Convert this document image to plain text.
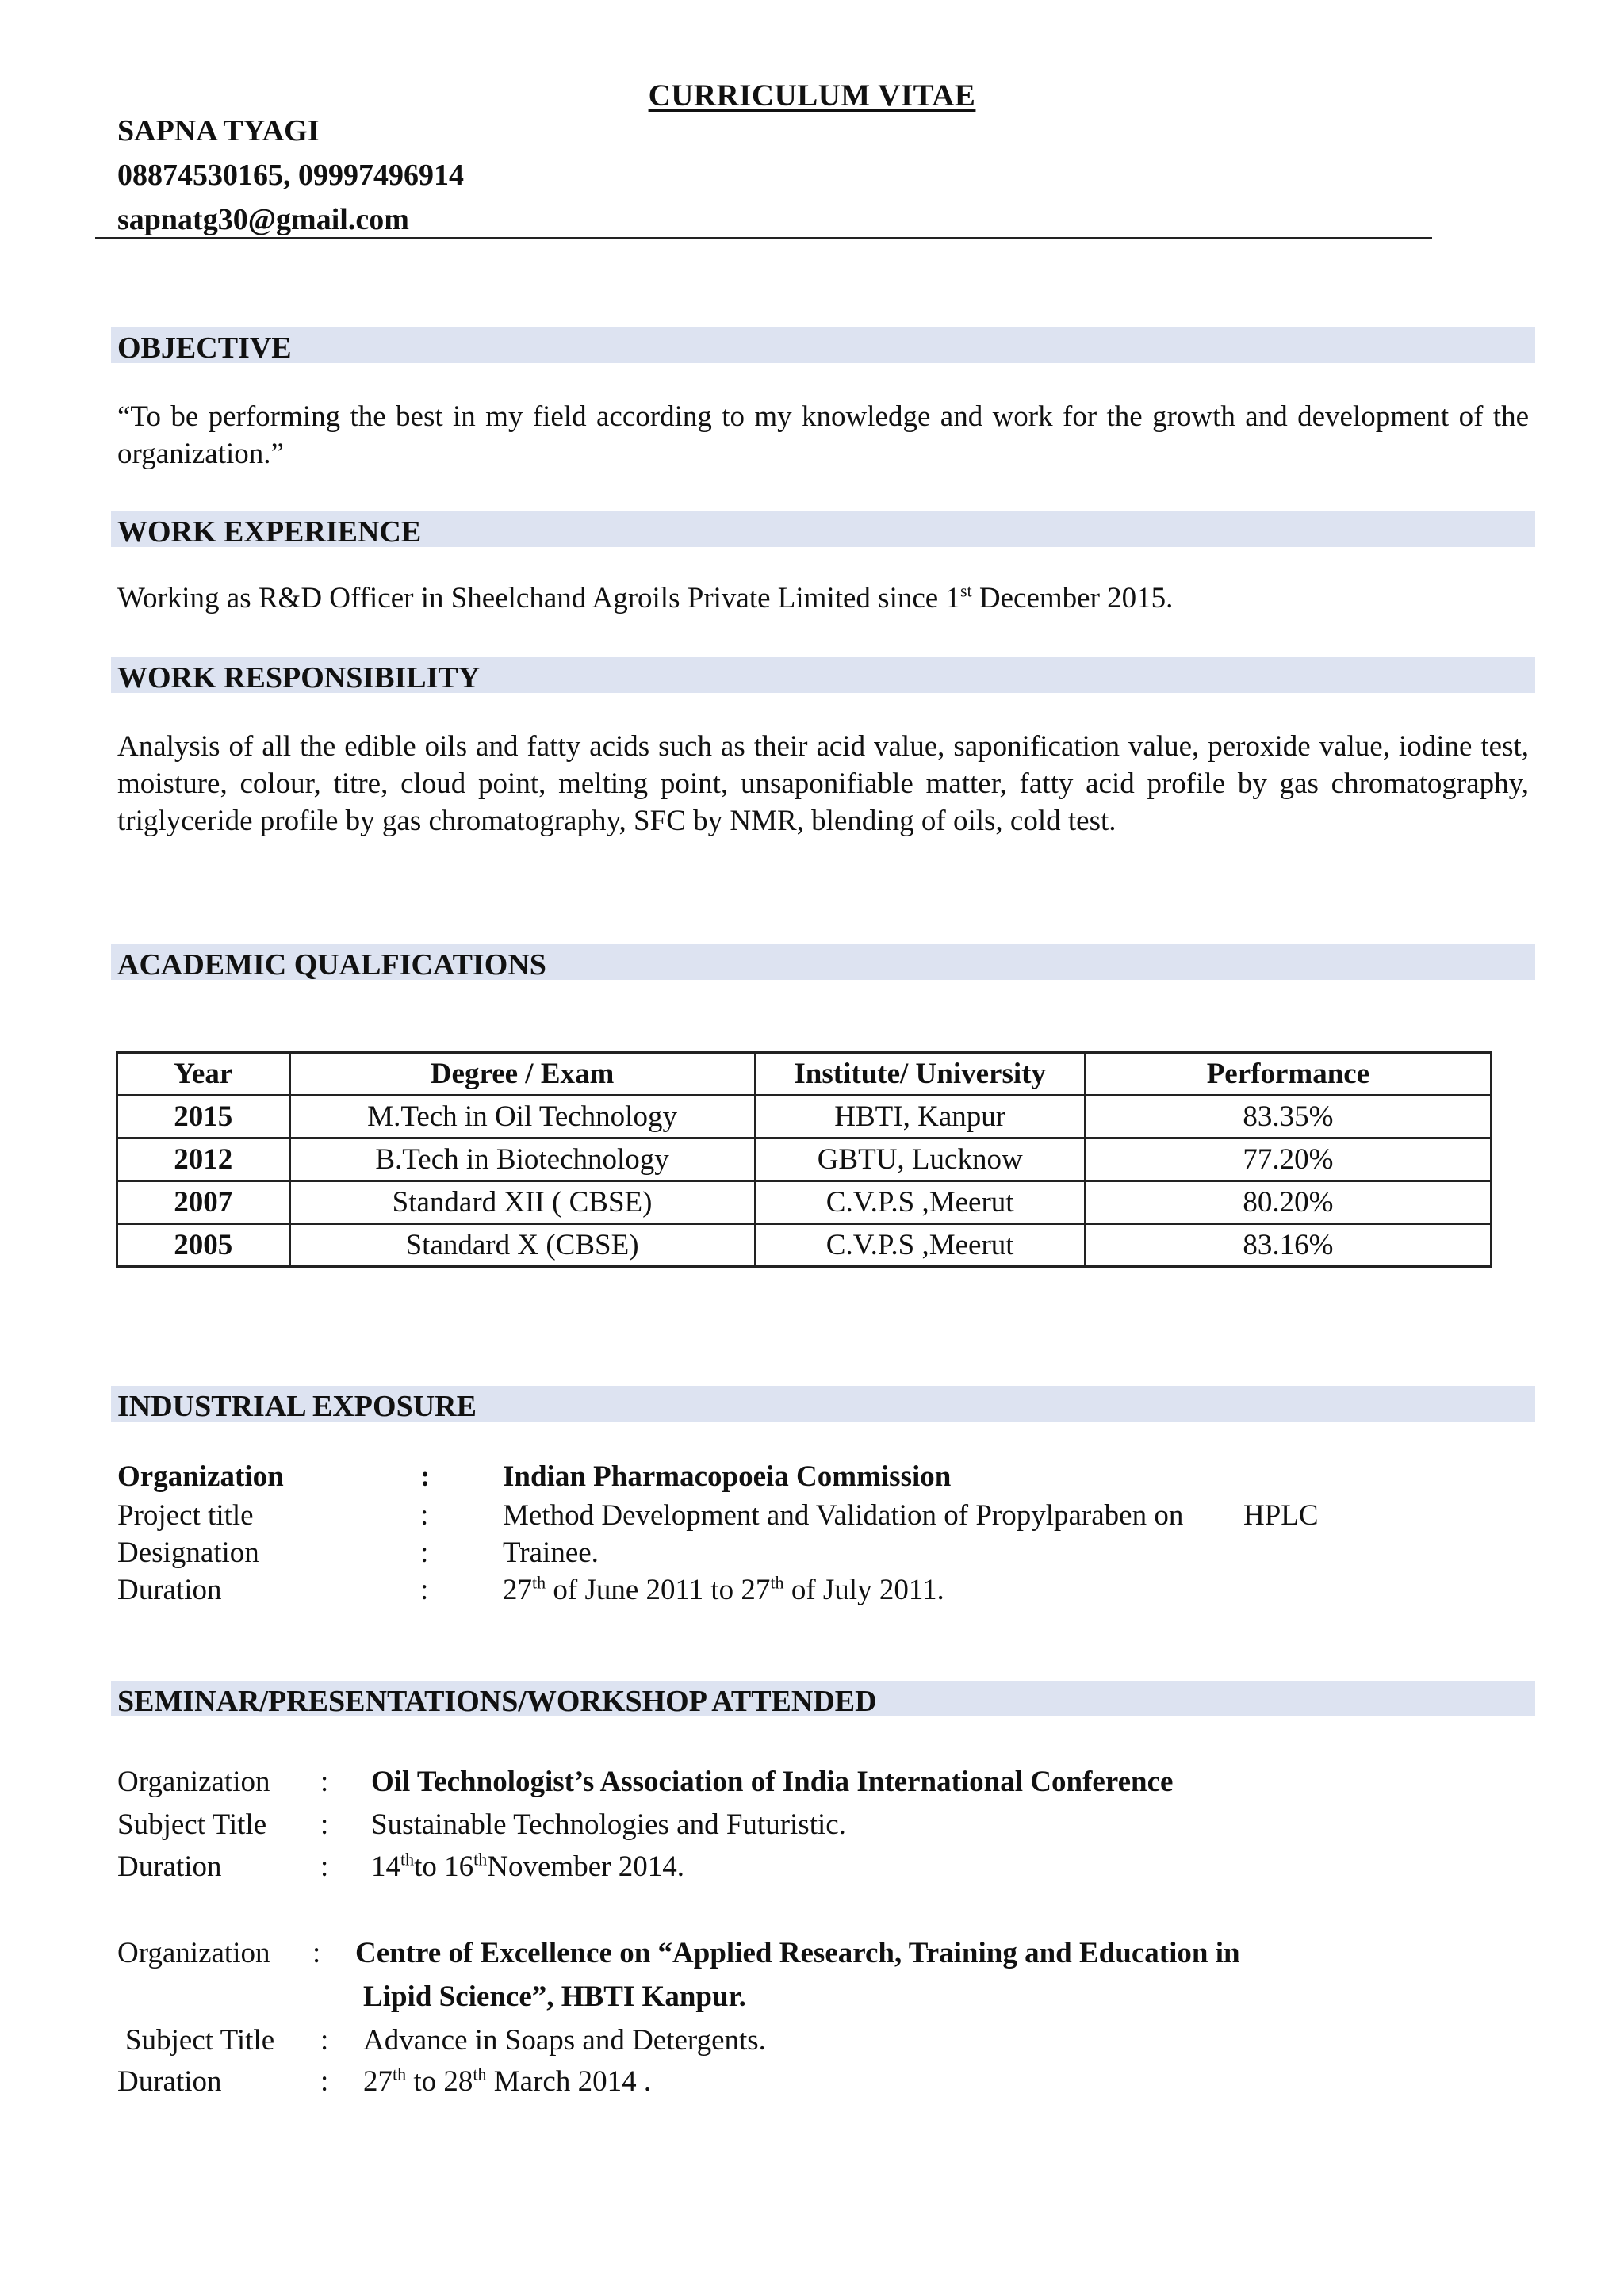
CURRICULUM VITAE
SAPNA TYAGI
08874530165, 09997496914
sapnatg30@gmail.com
OBJECTIVE
“To be performing the best in my field according to my knowledge and work for the growth and development of the organization.”
WORK EXPERIENCE
Working as R&D Officer in Sheelchand Agroils Private Limited since 1st December 2015.
WORK RESPONSIBILITY
Analysis of all the edible oils and fatty acids such as their acid value, saponification value, peroxide value, iodine test, moisture, colour, titre, cloud point, melting point, unsaponifiable matter, fatty acid profile by gas chromatography, triglyceride profile by gas chromatography, SFC by NMR, blending of oils, cold test.
ACADEMIC QUALFICATIONS
Year	Degree / Exam	Institute/ University	Performance
2015	M.Tech in Oil Technology	HBTI, Kanpur	83.35%
2012	B.Tech in Biotechnology	GBTU, Lucknow	77.20%
2007	Standard XII ( CBSE)	C.V.P.S ,Meerut	80.20%
2005	Standard X (CBSE)	C.V.P.S ,Meerut	83.16%
INDUSTRIAL EXPOSURE
Organization	: Indian Pharmacopoeia Commission
Project title	:	Method Development and Validation of Propylparaben on HPLC
Designation	:	Trainee.
Duration	:	27th of June 2011 to 27th of July 2011.
SEMINAR/PRESENTATIONS/WORKSHOP ATTENDED
Organization : Oil Technologist’s Association of India International Conference
Subject Title : Sustainable Technologies and Futuristic.
Duration	: 14thto 16thNovember 2014.
Organization : Centre of Excellence on “Applied Research, Training and Education in
Lipid Science”, HBTI Kanpur.
Subject Title : Advance in Soaps and Detergents.
Duration	: 27th to 28th March 2014 .
